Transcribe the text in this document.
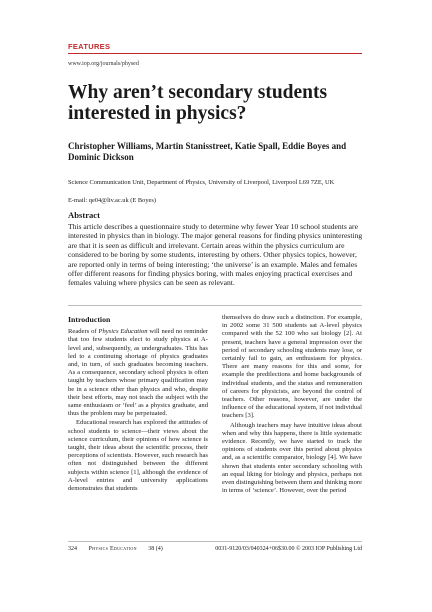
FEATURES
www.iop.org/journals/physed
Why aren’t secondary students interested in physics?
Christopher Williams, Martin Stanisstreet, Katie Spall, Eddie Boyes and Dominic Dickson
Science Communication Unit, Department of Physics, University of Liverpool, Liverpool L69 7ZE, UK
E-mail: qe04@liv.ac.uk (E Boyes)
Abstract

This article describes a questionnaire study to determine why fewer Year 10 school students are interested in physics than in biology. The major general reasons for finding physics uninteresting are that it is seen as difficult and irrelevant. Certain areas within the physics curriculum are considered to be boring by some students, interesting by others. Other physics topics, however, are reported only in terms of being interesting; ‘the universe’ is an example. Males and females offer different reasons for finding physics boring, with males enjoying practical exercises and females valuing where physics can be seen as relevant.

Introduction

Readers of Physics Education will need no reminder that too few students elect to study physics at A-level and, subsequently, as undergraduates. This has led to a continuing shortage of physics graduates and, in turn, of such graduates becoming teachers. As a consequence, secondary school physics is often taught by teachers whose primary qualification may be in a science other than physics and who, despite their best efforts, may not teach the subject with the same enthusiasm or ‘feel’ as a physics graduate, and thus the problem may be perpetuated.

Educational research has explored the attitudes of school students to science—their views about the science curriculum, their opinions of how science is taught, their ideas about the scientific process, their perceptions of scientists. However, such research has often not distinguished between the different subjects within science [1], although the evidence of A-level entries and university applications demonstrates that students

themselves do draw such a distinction. For example, in 2002 some 31 500 students sat A-level physics compared with the 52 100 who sat biology [2]. At present, teachers have a general impression over the period of secondary schooling students may lose, or certainly fail to gain, an enthusiasm for physics. There are many reasons for this and some, for example the predilections and home backgrounds of individual students, and the status and remuneration of careers for physicists, are beyond the control of teachers. Other reasons, however, are under the influence of the educational system, if not individual teachers [3].

Although teachers may have intuitive ideas about when and why this happens, there is little systematic evidence. Recently, we have started to track the opinions of students over this period about physics and, as a scientific comparator, biology [4]. We have shown that students enter secondary schooling with an equal liking for biology and physics, perhaps not even distinguishing between them and thinking more in terms of ‘science’. However, over the period

324 Physics Education 38 (4)	0031-9120/03/040324+06$30.00 © 2003 IOP Publishing Ltd
